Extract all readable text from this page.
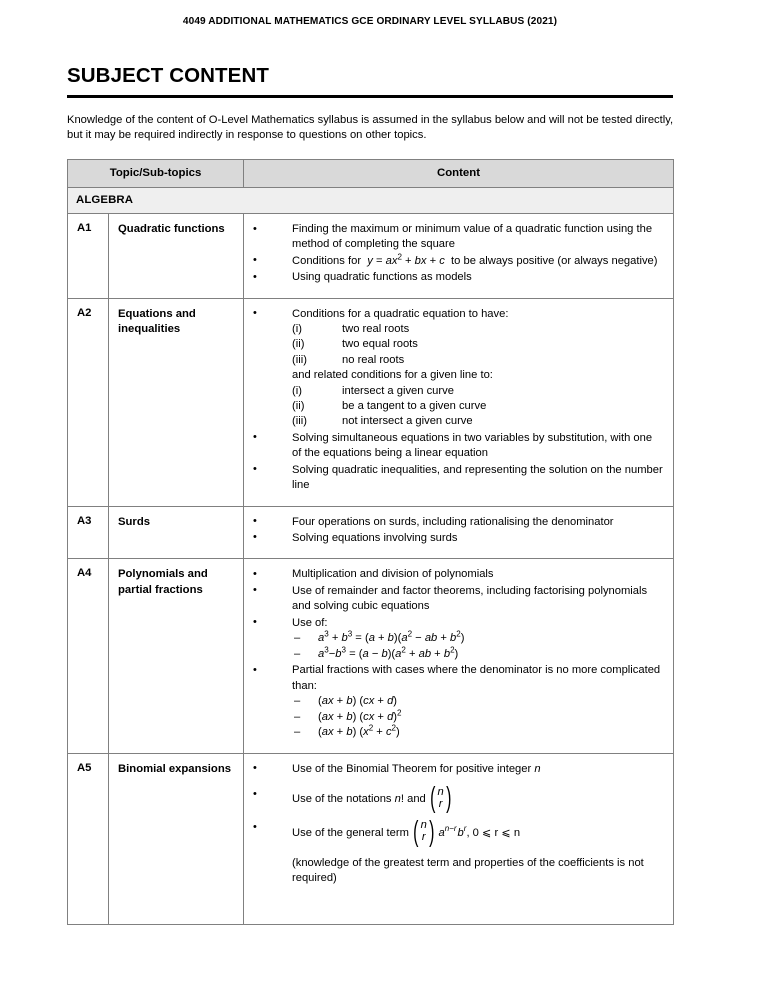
4049 ADDITIONAL MATHEMATICS GCE ORDINARY LEVEL SYLLABUS (2021)
SUBJECT CONTENT
Knowledge of the content of O-Level Mathematics syllabus is assumed in the syllabus below and will not be tested directly, but it may be required indirectly in response to questions on other topics.
Topic/Sub-topics		Content
ALGEBRA		
A1	Quadratic functions	
•Finding the maximum or minimum value of a quadratic function using the method of completing the square
• Conditions for  $y = ax^2$ + bx + c  to be always positive (or always negative)
• Using quadratic functions as models

A2	Equations and inequalities	
• Conditions for a quadratic equation to have:
(i)	two real roots
(ii)	two equal roots
(iii)	no real roots
and related conditions for a given line to:
(i)	intersect a given curve
(ii)	be a tangent to a given curve
(iii)	not intersect a given curve
• Solving simultaneous equations in two variables by substitution, with one of the equations being a linear equation
• Solving quadratic inequalities, and representing the solution on the number line

A3	Surds	
•Four operations on surds, including rationalising the denominator
• Solving equations involving surds

A4	Polynomials and partial fractions	
• Multiplication and division of polynomials
• Use of remainder and factor theorems, including factorising polynomials and solving cubic equations
• Use of:
– $a^3 + b^3 = (a + b)(a^2$ − ab + $b^2$)
– $a^3-b^3 = (a - b)(a^2$ + ab + $b^2$)
• Partial fractions with cases where the denominator is no more complicated than:
– (ax + b) (cx + d)
– (ax + b) (cx + d)$^2$
– (ax + b) $(x^2 + c^2)$

A5	Binomial expansions	
•Use of the Binomial Theorem for positive integer n
• Use of the notations n! and ( n
r )
• Use of the general term ( n
r ) $a^{n-r}$ $b^r$, 0 ⩽ r ⩽ n
(knowledge of the greatest term and properties of the coefficients is not required)
